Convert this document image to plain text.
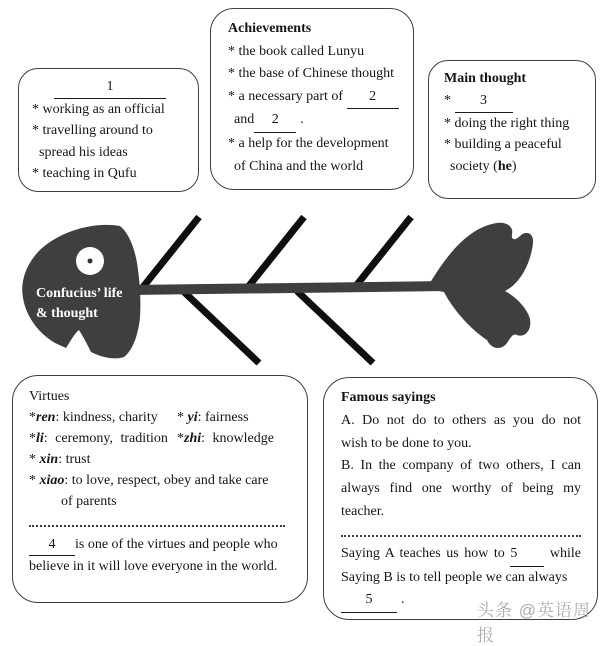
1
* working as an official
* travelling around to
spread his ideas
* teaching in Qufu
Achievements
* the book called Lunyu
* the base of Chinese thought
* a necessary part of 2
and 2 .
* a help for the development
of China and the world
Main thought
* 3
* doing the right thing
* building a peaceful
society (he)
Confucius’ life
& thought
Virtues
*ren: kindness, charity * yi: fairness
*li: ceremony, tradition *zhi: knowledge
* xin: trust
* xiao: to love, respect, obey and take care
of parents
4 is one of the virtues and people who
believe in it will love everyone in the world.
Famous sayings
A. Do not do to others as you do not
wish to be done to you.
B. In the company of two others, I can
always find one worthy of being my
teacher.
Saying A teaches us how to 5 while
Saying B is to tell people we can always
5 .
头条 @英语周报
